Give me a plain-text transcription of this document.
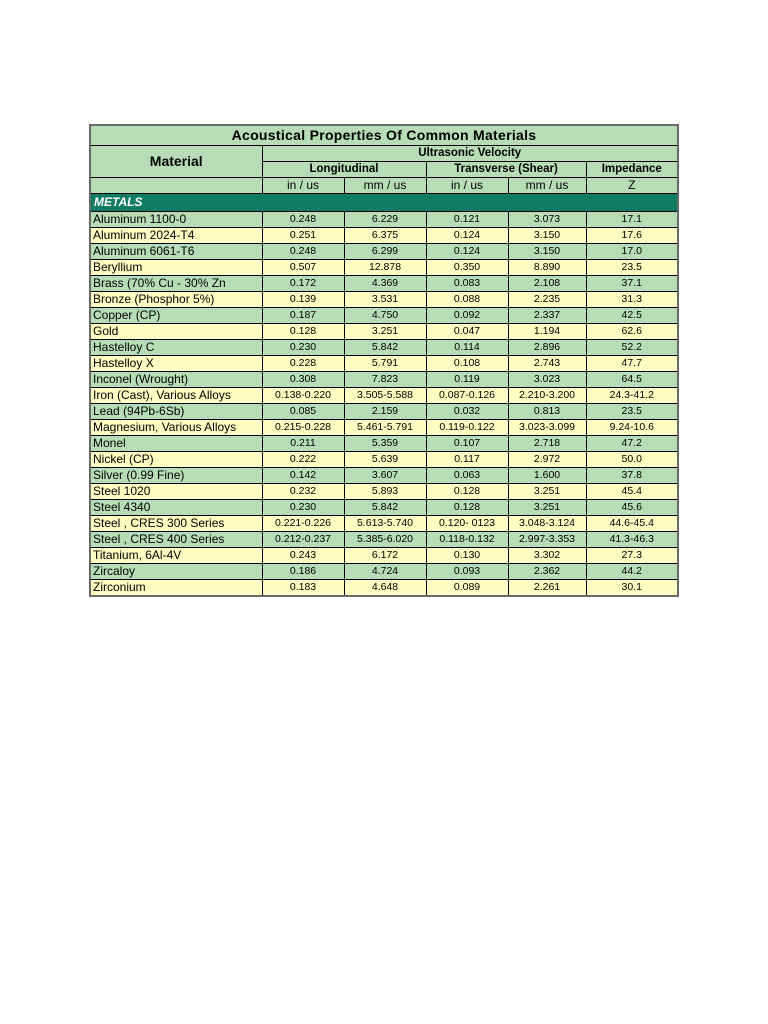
Acoustical Properties Of Common Materials					
Material	Ultrasonic Velocity				
	Longitudinal		Transverse (Shear)		Impedance
	in / us	mm / us	in / us	mm / us	Z
METALS					
Aluminum 1100-0	0.248	6.229	0.121	3.073	17.1
Aluminum 2024-T4	0.251	6.375	0.124	3.150	17.6
Aluminum 6061-T6	0.248	6.299	0.124	3.150	17.0
Beryllium	0.507	12.878	0.350	8.890	23.5
Brass (70% Cu - 30% Zn	0.172	4.369	0.083	2.108	37.1
Bronze (Phosphor 5%)	0.139	3.531	0.088	2.235	31.3
Copper (CP)	0.187	4.750	0.092	2.337	42.5
Gold	0.128	3.251	0.047	1.194	62.6
Hastelloy C	0.230	5.842	0.114	2.896	52.2
Hastelloy X	0.228	5.791	0.108	2.743	47.7
Inconel (Wrought)	0.308	7.823	0.119	3.023	64.5
Iron (Cast), Various Alloys	0.138-0.220	3.505-5.588	0.087-0.126	2.210-3.200	24.3-41.2
Lead (94Pb-6Sb)	0.085	2.159	0.032	0.813	23.5
Magnesium, Various Alloys	0.215-0.228	5.461-5.791	0.119-0.122	3.023-3.099	9.24-10.6
Monel	0.211	5.359	0.107	2.718	47.2
Nickel (CP)	0.222	5.639	0.117	2.972	50.0
Silver (0.99 Fine)	0.142	3.607	0.063	1.600	37.8
Steel 1020	0.232	5.893	0.128	3.251	45.4
Steel 4340	0.230	5.842	0.128	3.251	45.6
Steel , CRES 300 Series	0.221-0.226	5.613-5.740	0.120- 0123	3.048-3.124	44.6-45.4
Steel , CRES 400 Series	0.212-0.237	5.385-6.020	0.118-0.132	2.997-3.353	41.3-46.3
Titanium, 6Al-4V	0.243	6.172	0.130	3.302	27.3
Zircaloy	0.186	4.724	0.093	2.362	44.2
Zirconium	0.183	4.648	0.089	2.261	30.1
